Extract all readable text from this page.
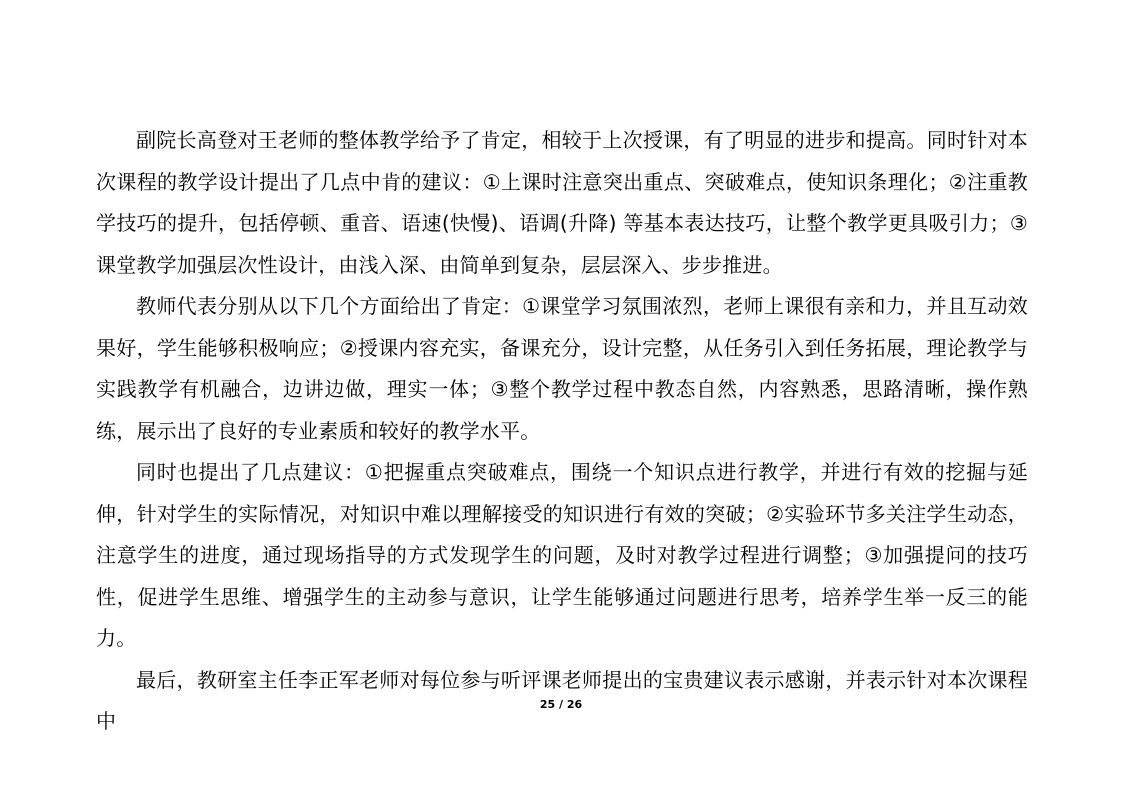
副院长高登对王老师的整体教学给予了肯定，相较于上次授课，有了明显的进步和提高。同时针对本次课程的教学设计提出了几点中肯的建议：①上课时注意突出重点、突破难点，使知识条理化；②注重教学技巧的提升，包括停顿、重音、语速(快慢)、语调(升降) 等基本表达技巧，让整个教学更具吸引力；③课堂教学加强层次性设计，由浅入深、由简单到复杂，层层深入、步步推进。

教师代表分别从以下几个方面给出了肯定：①课堂学习氛围浓烈，老师上课很有亲和力，并且互动效果好，学生能够积极响应；②授课内容充实，备课充分，设计完整，从任务引入到任务拓展，理论教学与实践教学有机融合，边讲边做，理实一体；③整个教学过程中教态自然，内容熟悉，思路清晰，操作熟练，展示出了良好的专业素质和较好的教学水平。

同时也提出了几点建议：①把握重点突破难点，围绕一个知识点进行教学，并进行有效的挖掘与延伸，针对学生的实际情况，对知识中难以理解接受的知识进行有效的突破；②实验环节多关注学生动态，注意学生的进度，通过现场指导的方式发现学生的问题，及时对教学过程进行调整；③加强提问的技巧性，促进学生思维、增强学生的主动参与意识，让学生能够通过问题进行思考，培养学生举一反三的能力。

最后，教研室主任李正军老师对每位参与听评课老师提出的宝贵建议表示感谢，并表示针对本次课程中

25 / 26
